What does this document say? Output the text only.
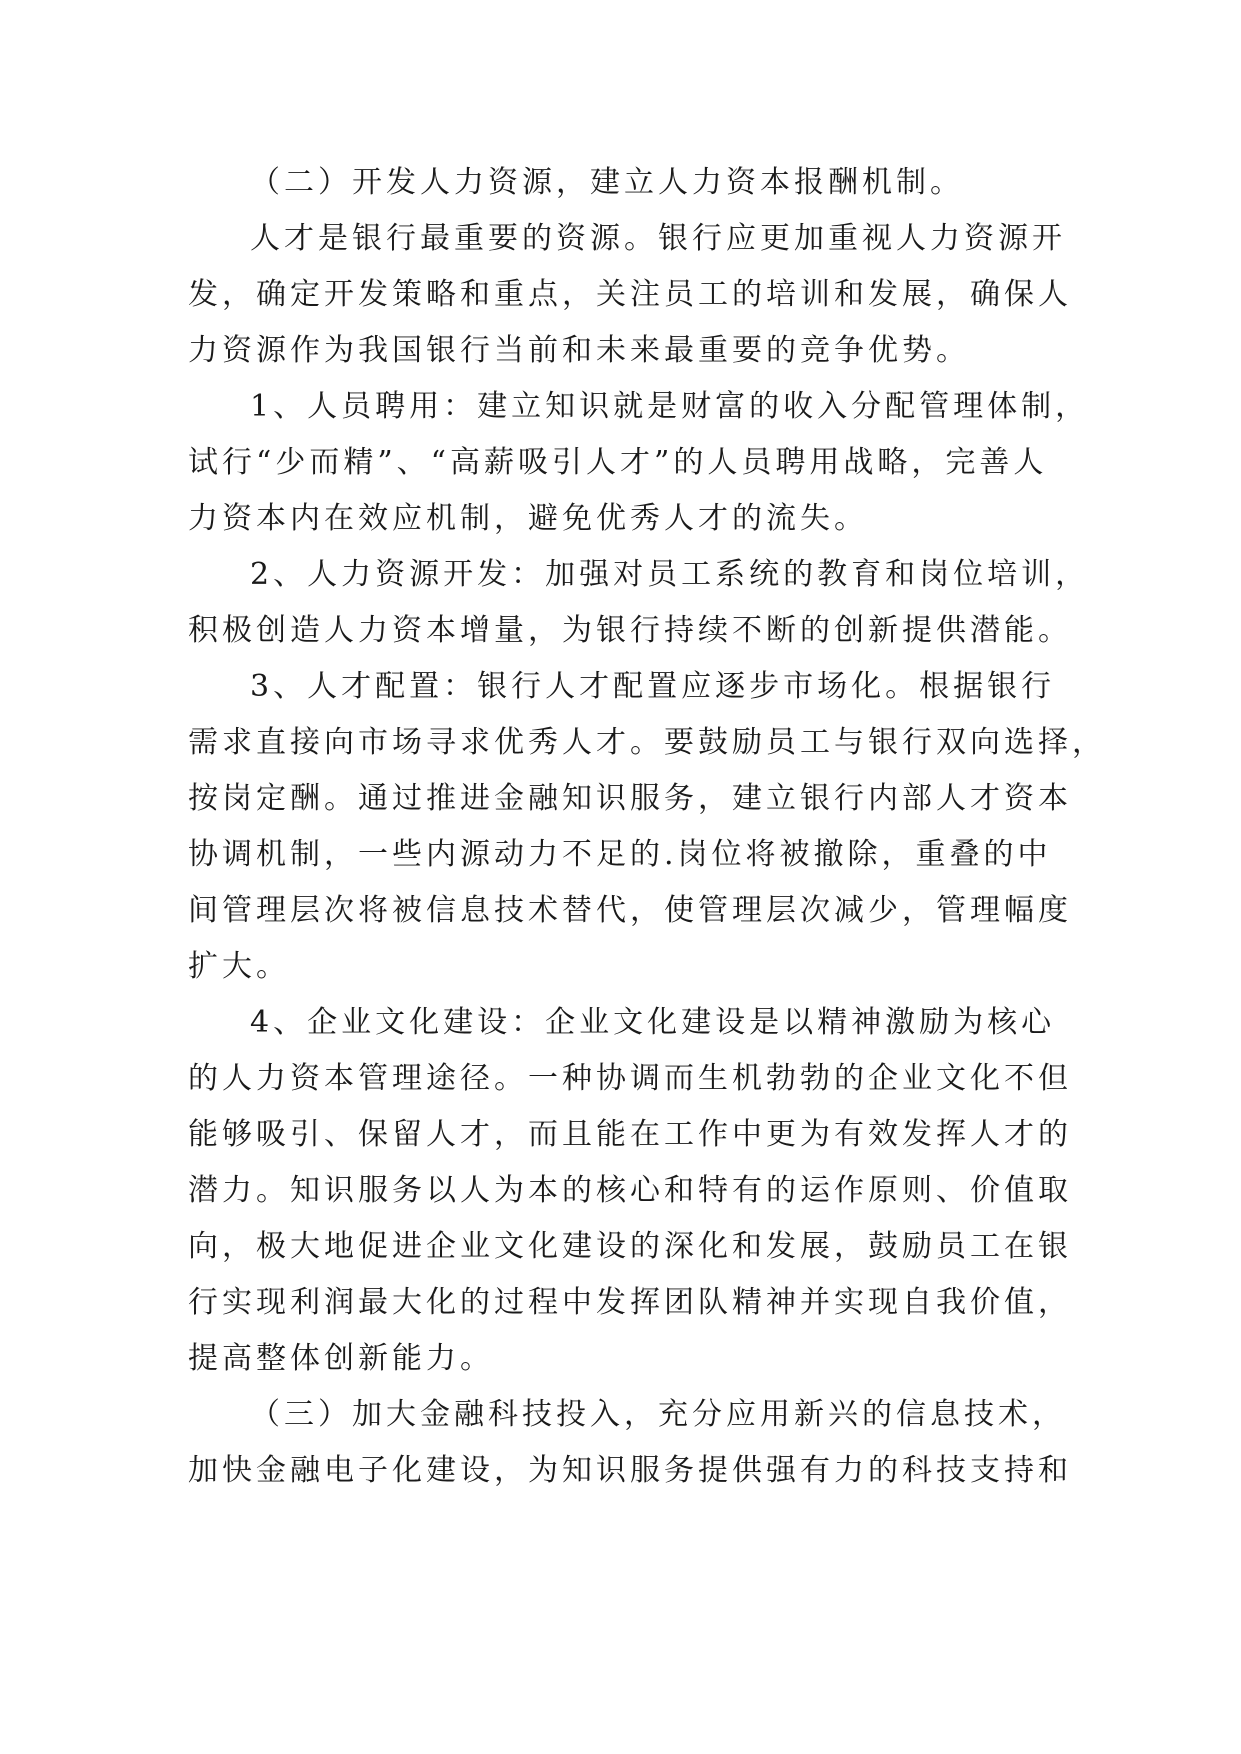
（二）开发人力资源，建立人力资本报酬机制。
人才是银行最重要的资源。银行应更加重视人力资源开
发，确定开发策略和重点，关注员工的培训和发展，确保人
力资源作为我国银行当前和未来最重要的竞争优势。
1、人员聘用：建立知识就是财富的收入分配管理体制，
试行“少而精”、“高薪吸引人才”的人员聘用战略，完善人
力资本内在效应机制，避免优秀人才的流失。
2、人力资源开发：加强对员工系统的教育和岗位培训，
积极创造人力资本增量，为银行持续不断的创新提供潜能。
3、人才配置：银行人才配置应逐步市场化。根据银行
需求直接向市场寻求优秀人才。要鼓励员工与银行双向选择，
按岗定酬。通过推进金融知识服务，建立银行内部人才资本
协调机制，一些内源动力不足的.岗位将被撤除，重叠的中
间管理层次将被信息技术替代，使管理层次减少，管理幅度
扩大。
4、企业文化建设：企业文化建设是以精神激励为核心
的人力资本管理途径。一种协调而生机勃勃的企业文化不但
能够吸引、保留人才，而且能在工作中更为有效发挥人才的
潜力。知识服务以人为本的核心和特有的运作原则、价值取
向，极大地促进企业文化建设的深化和发展，鼓励员工在银
行实现利润最大化的过程中发挥团队精神并实现自我价值，
提高整体创新能力。
（三）加大金融科技投入，充分应用新兴的信息技术，
加快金融电子化建设，为知识服务提供强有力的科技支持和
